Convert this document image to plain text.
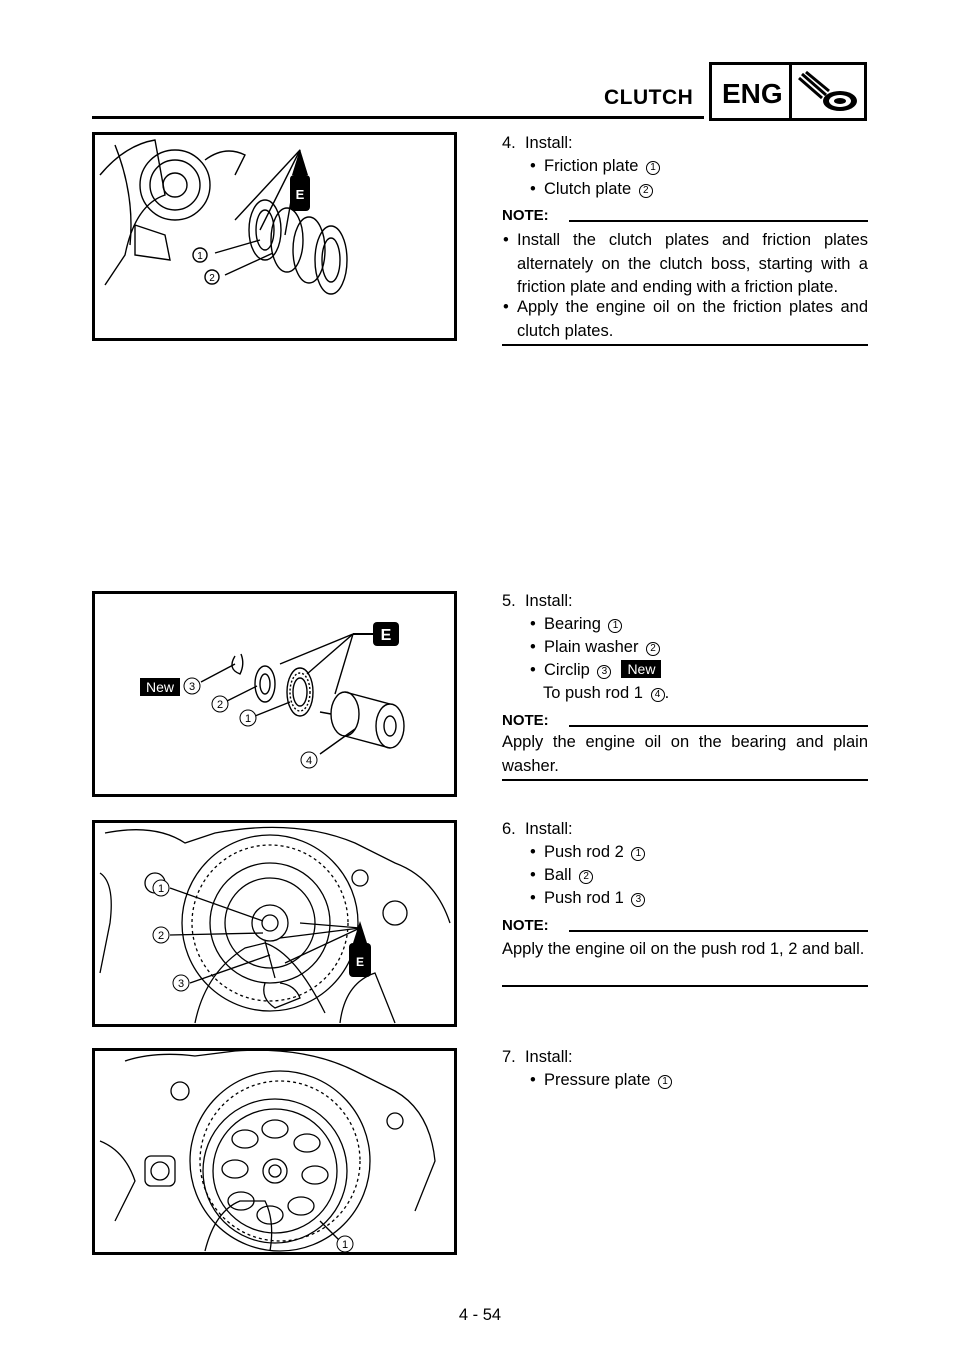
CLUTCH ENG
E
1
2
4. Install:
• Friction plate 1
• Clutch plate 2
NOTE:
• Install the clutch plates and friction plates alternately on the clutch boss, starting with a friction plate and ending with a friction plate.
• Apply the engine oil on the friction plates and clutch plates.
E
New 3
2
1
4
5. Install:
• Bearing 1
• Plain washer 2
• Circlip 3 New
To push rod 1 4 .
NOTE:
Apply the engine oil on the bearing and plain washer.
E
1
2
3
6. Install:
• Push rod 2 1
• Ball 2
• Push rod 1 3
NOTE:
Apply the engine oil on the push rod 1, 2 and ball.
1
7. Install:
• Pressure plate 1
4 - 54
